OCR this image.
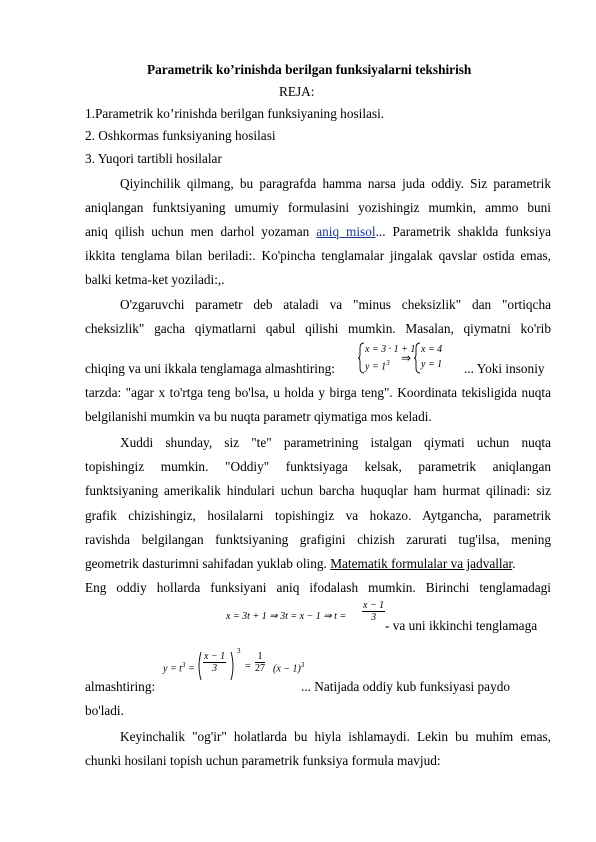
Parametrik ko’rinishda berilgan funksiyalarni tekshirish
REJA:
1.Parametrik ko’rinishda berilgan funksiyaning hosilasi.
2. Oshkormas funksiyaning hosilasi
3. Yuqori tartibli hosilalar
Qiyinchilik qilmang, bu paragrafda hamma narsa juda oddiy. Siz parametrik
aniqlangan funktsiyaning umumiy formulasini yozishingiz mumkin, ammo buni
aniq qilish uchun men darhol yozaman aniq misol... Parametrik shaklda funksiya
ikkita tenglama bilan beriladi:. Ko'pincha tenglamalar jingalak qavslar ostida emas,
balki ketma-ket yoziladi:,.
O'zgaruvchi parametr deb ataladi va "minus cheksizlik" dan "ortiqcha
cheksizlik" gacha qiymatlarni qabul qilishi mumkin. Masalan, qiymatni ko'rib
x = 3 · 1 + 1
$y = 1^3$ ⇒
x = 4
y = 1
chiqing va uni ikkala tenglamaga almashtiring:	... Yoki insoniy
tarzda: "agar x to'rtga teng bo'lsa, u holda y birga teng". Koordinata tekisligida nuqta
belgilanishi mumkin va bu nuqta parametr qiymatiga mos keladi.
Xuddi shunday, siz "te" parametrining istalgan qiymati uchun nuqta
topishingiz mumkin. "Oddiy" funktsiyaga kelsak, parametrik aniqlangan
funktsiyaning amerikalik hindulari uchun barcha huquqlar ham hurmat qilinadi: siz
grafik chizishingiz, hosilalarni topishingiz va hokazo. Aytgancha, parametrik
ravishda belgilangan funktsiyaning grafigini chizish zarurati tug'ilsa, mening
geometrik dasturimni sahifadan yuklab oling. Matematik formulalar va jadvallar.
Eng oddiy hollarda funksiyani aniq ifodalash mumkin. Birinchi tenglamadagi
x = 3t + 1 ⇒ 3t = x − 1 ⇒ $t = \frac{x - 1}{3}$
- va uni ikkinchi tenglamaga
$y = t^3 = \frac{x - 1}{3} 3$
= $\frac{1}{27} (x - 1)^3$
almashtiring:	... Natijada oddiy kub funksiyasi paydo
bo'ladi.
Keyinchalik "og'ir" holatlarda bu hiyla ishlamaydi. Lekin bu muhim emas,
chunki hosilani topish uchun parametrik funksiya formula mavjud:
